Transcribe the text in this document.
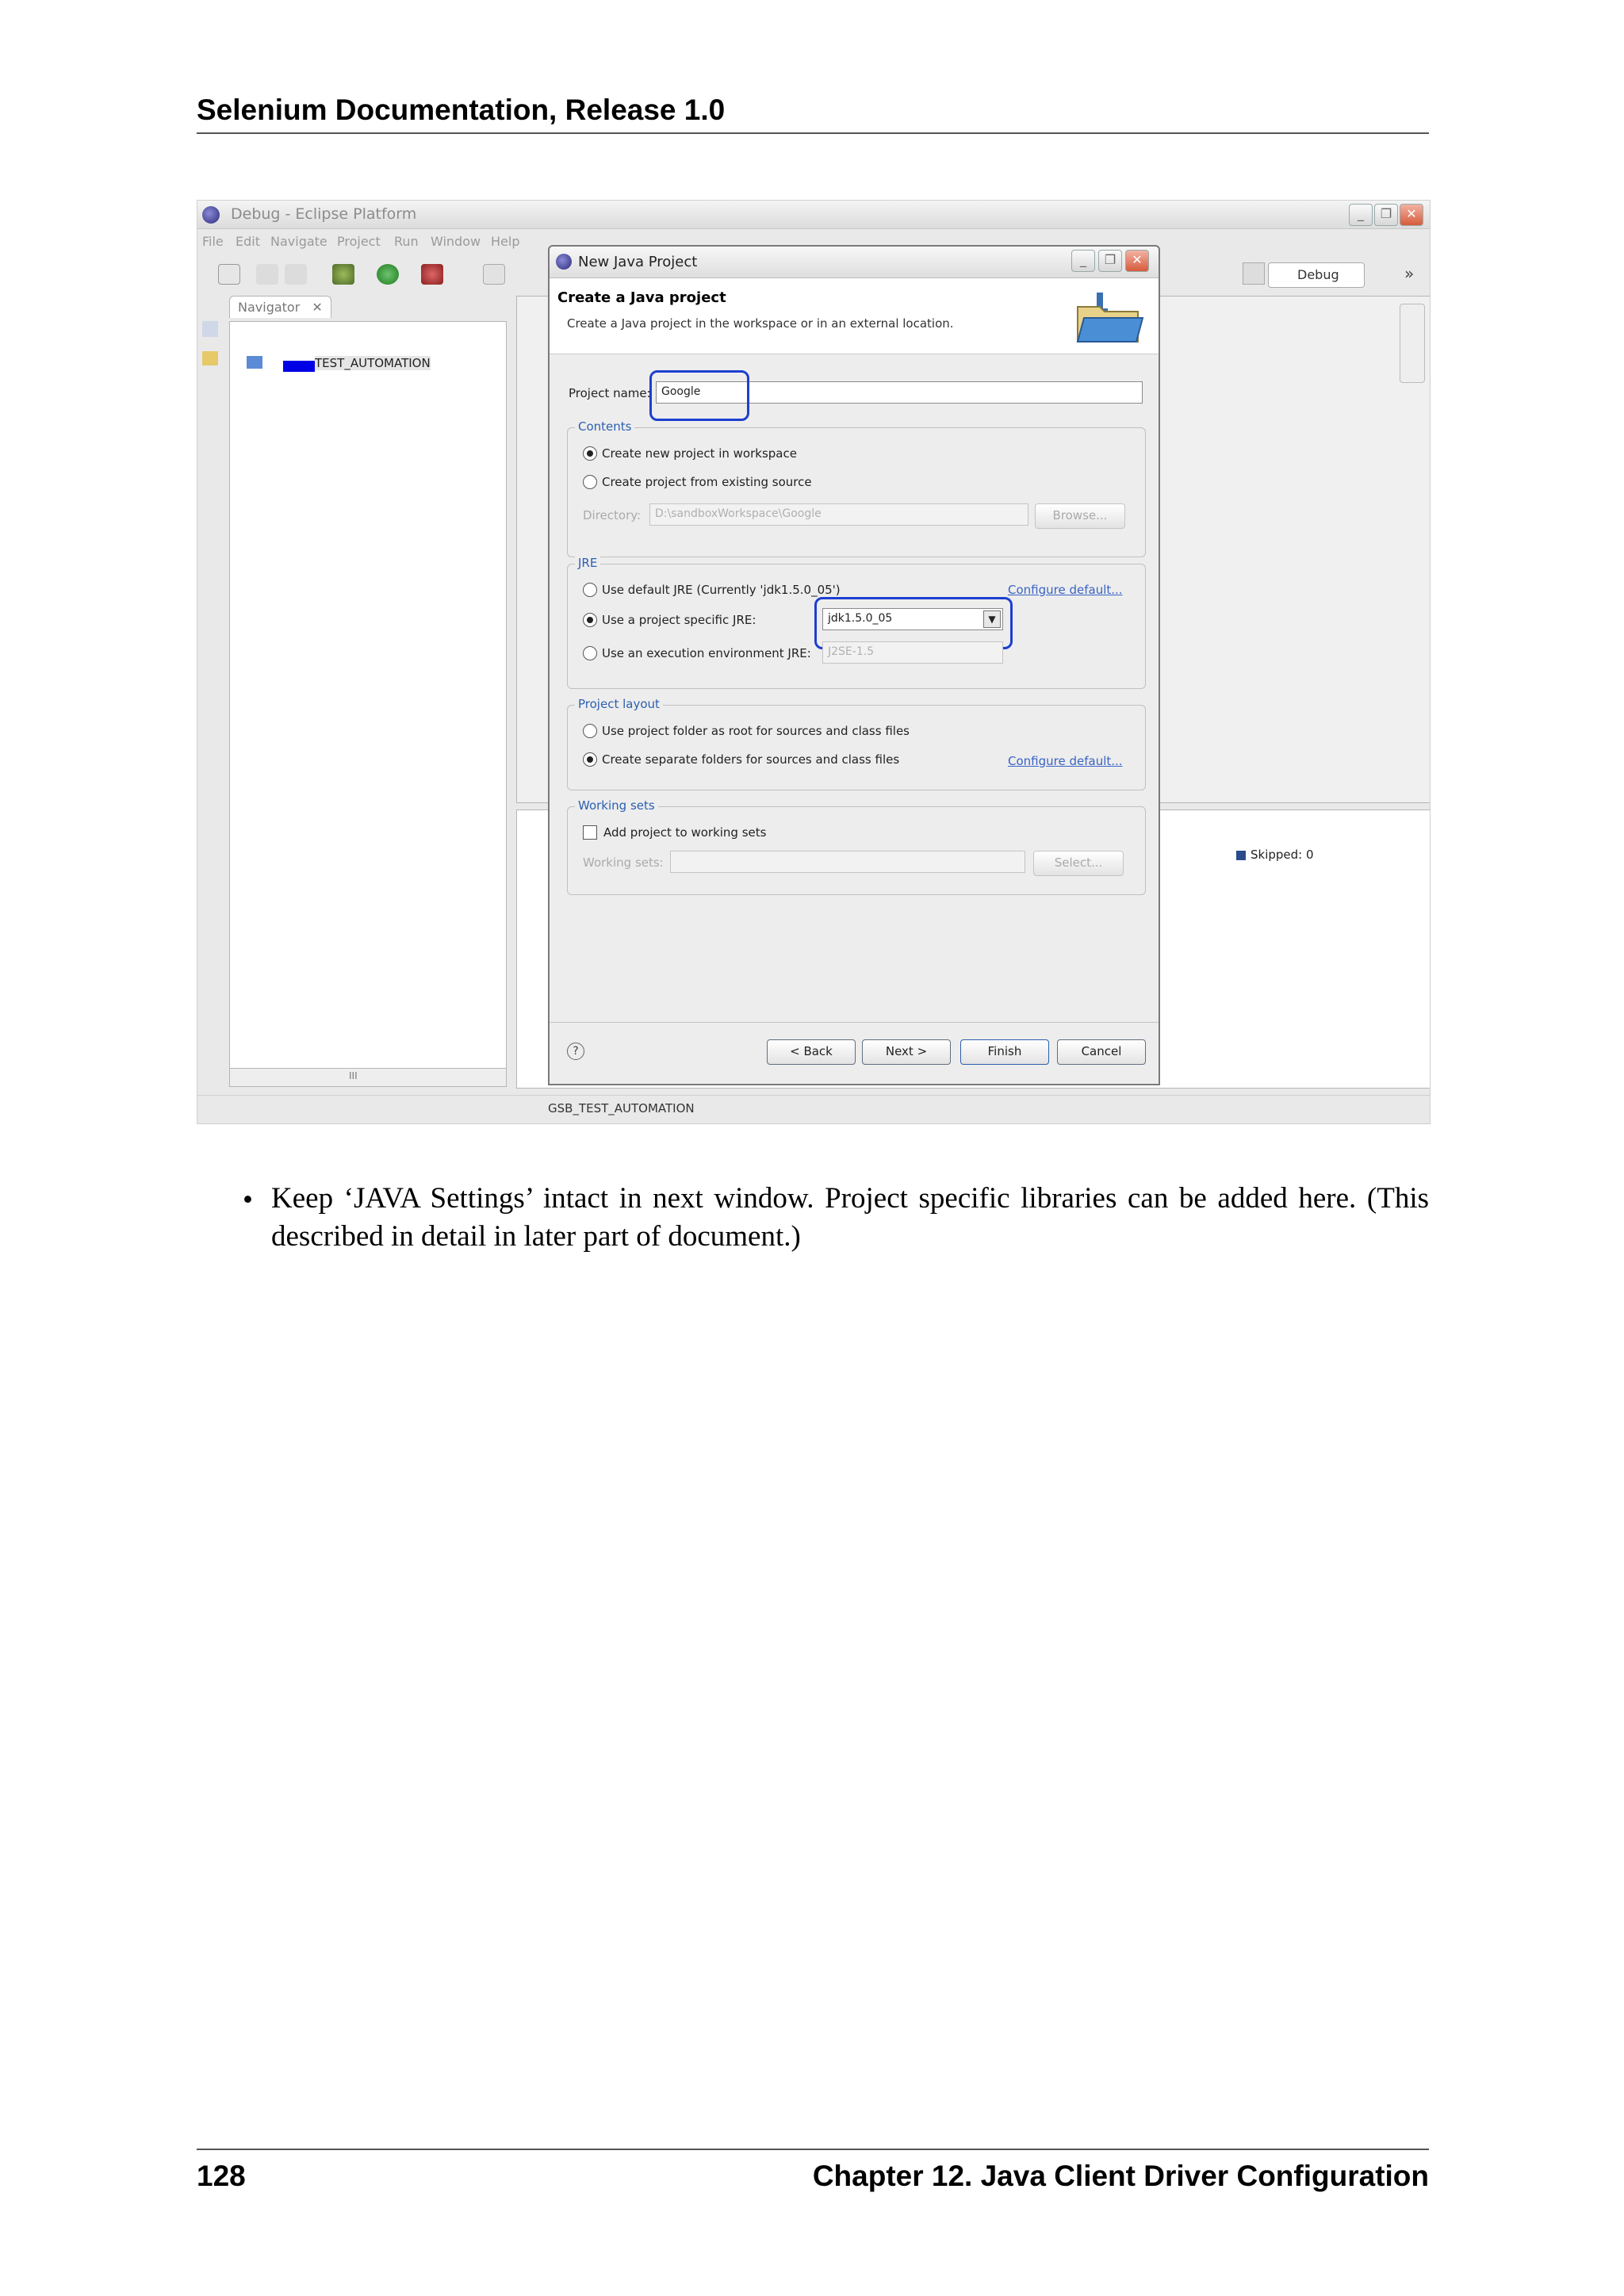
Selenium Documentation, Release 1.0
Debug - Eclipse Platform	_	❐	✕
File Edit Navigate Project Run Window Help
Debug	»
Navigator ✕
TEST_AUTOMATION
III
Skipped: 0
GSB_TEST_AUTOMATION
New Java Project	_	❐	✕
Create a Java project
Create a Java project in the workspace or in an external location.
Project name: Google
Contents
Create new project in workspace
Create project from existing source
Directory:	D:\sandboxWorkspace\Google	Browse...
JRE
Use default JRE (Currently 'jdk1.5.0_05')	Configure default...
Use a project specific JRE:	jdk1.5.0_05	▼
Use an execution environment JRE:	J2SE-1.5
Project layout
Use project folder as root for sources and class files
Create separate folders for sources and class files	Configure default...
Working sets
Add project to working sets
Working sets:	Select...
?	< Back	Next >	Finish	Cancel
• Keep ‘JAVA Settings’ intact in next window. Project specific libraries can be added here. (This described in detail in later part of document.)
128	Chapter 12. Java Client Driver Configuration
